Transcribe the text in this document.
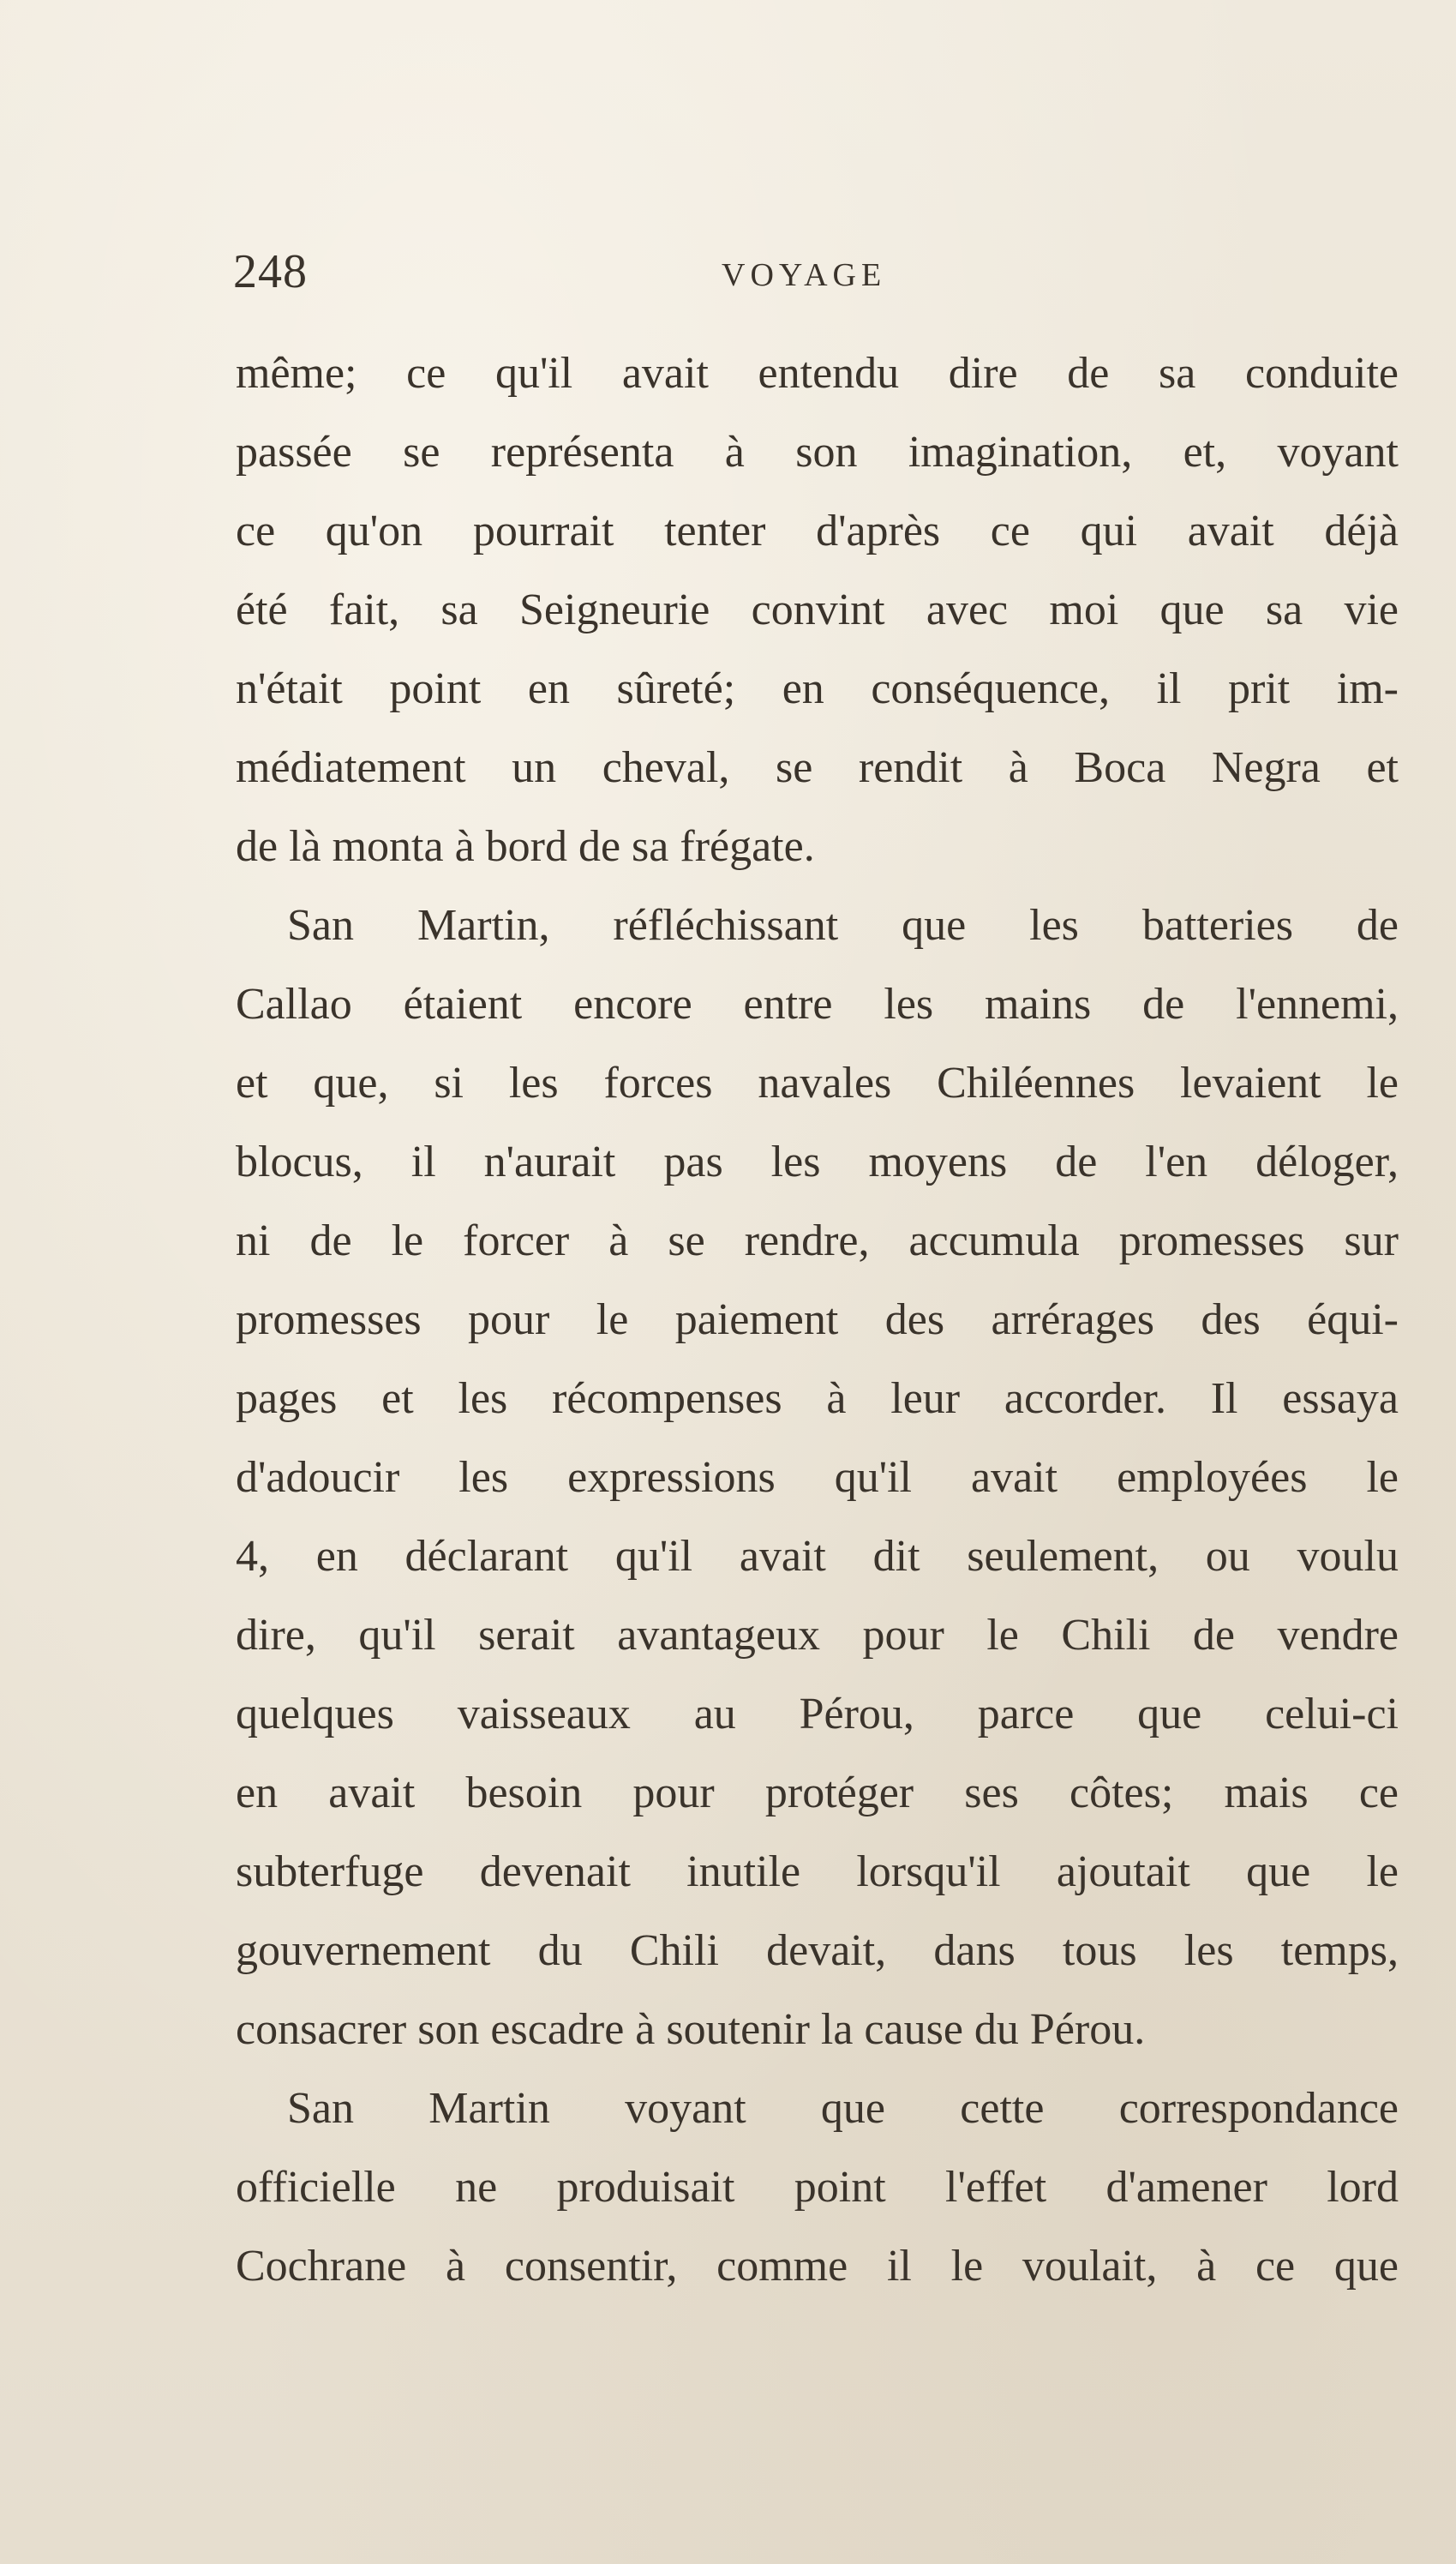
248	VOYAGE
même; ce qu'il avait entendu dire de sa conduite
passée se représenta à son imagination, et, voyant
ce qu'on pourrait tenter d'après ce qui avait déjà
été fait, sa Seigneurie convint avec moi que sa vie
n'était point en sûreté; en conséquence, il prit im-
médiatement un cheval, se rendit à Boca Negra et
de là monta à bord de sa frégate.
San Martin, réfléchissant que les batteries de
Callao étaient encore entre les mains de l'ennemi,
et que, si les forces navales Chiléennes levaient le
blocus, il n'aurait pas les moyens de l'en déloger,
ni de le forcer à se rendre, accumula promesses sur
promesses pour le paiement des arrérages des équi-
pages et les récompenses à leur accorder. Il essaya
d'adoucir les expressions qu'il avait employées le
4, en déclarant qu'il avait dit seulement, ou voulu
dire, qu'il serait avantageux pour le Chili de vendre
quelques vaisseaux au Pérou, parce que celui-ci
en avait besoin pour protéger ses côtes; mais ce
subterfuge devenait inutile lorsqu'il ajoutait que le
gouvernement du Chili devait, dans tous les temps,
consacrer son escadre à soutenir la cause du Pérou.
San Martin voyant que cette correspondance
officielle ne produisait point l'effet d'amener lord
Cochrane à consentir, comme il le voulait, à ce que
